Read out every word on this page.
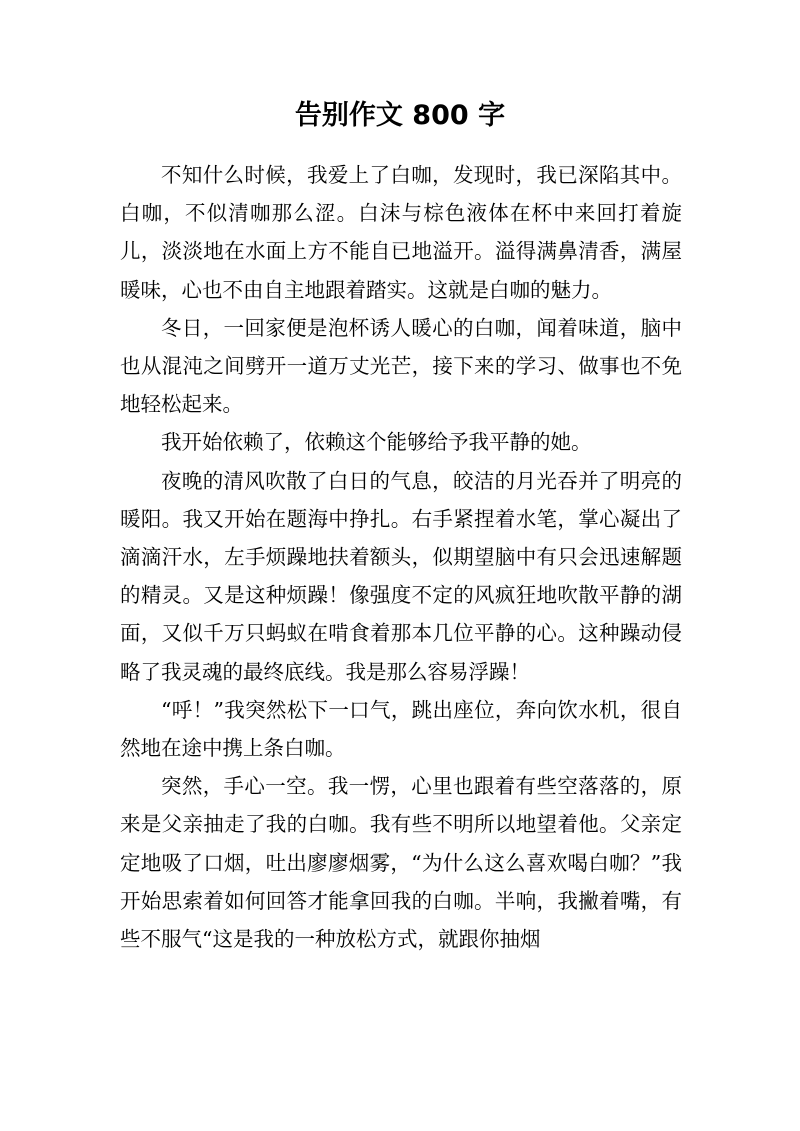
告别作文 800 字

不知什么时候，我爱上了白咖，发现时，我已深陷其中。白咖，不似清咖那么涩。白沫与棕色液体在杯中来回打着旋儿，淡淡地在水面上方不能自已地溢开。溢得满鼻清香，满屋暖味，心也不由自主地跟着踏实。这就是白咖的魅力。

冬日，一回家便是泡杯诱人暖心的白咖，闻着味道，脑中也从混沌之间劈开一道万丈光芒，接下来的学习、做事也不免地轻松起来。

我开始依赖了，依赖这个能够给予我平静的她。

夜晚的清风吹散了白日的气息，皎洁的月光吞并了明亮的暖阳。我又开始在题海中挣扎。右手紧捏着水笔，掌心凝出了滴滴汗水，左手烦躁地扶着额头，似期望脑中有只会迅速解题的精灵。又是这种烦躁！像强度不定的风疯狂地吹散平静的湖面，又似千万只蚂蚁在啃食着那本几位平静的心。这种躁动侵略了我灵魂的最终底线。我是那么容易浮躁！

“呼！”我突然松下一口气，跳出座位，奔向饮水机，很自然地在途中携上条白咖。

突然，手心一空。我一愣，心里也跟着有些空落落的，原来是父亲抽走了我的白咖。我有些不明所以地望着他。父亲定定地吸了口烟，吐出廖廖烟雾，“为什么这么喜欢喝白咖？”我开始思索着如何回答才能拿回我的白咖。半响，我撇着嘴，有些不服气“这是我的一种放松方式，就跟你抽烟
